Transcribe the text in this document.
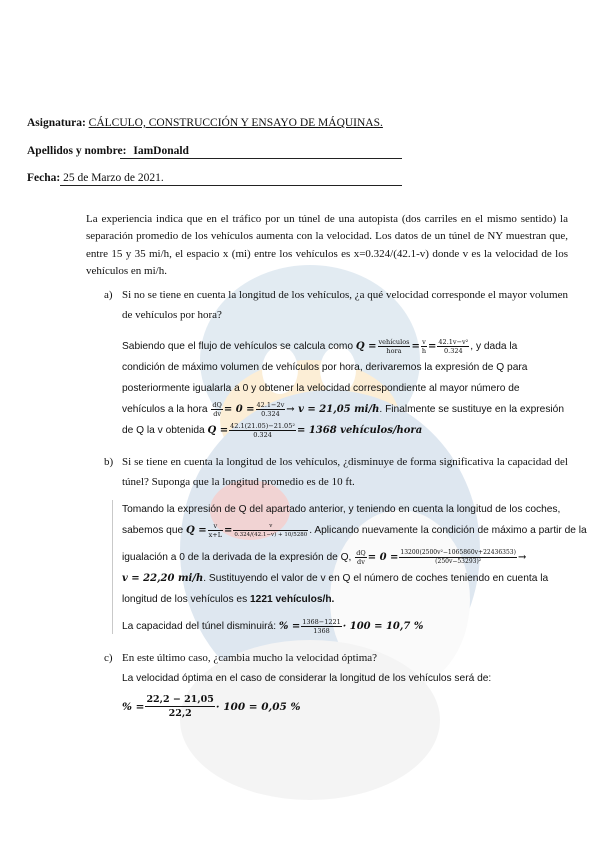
Asignatura: CÁLCULO, CONSTRUCCIÓN Y ENSAYO DE MÁQUINAS.
Apellidos y nombre: IamDonald
Fecha: 25 de Marzo de 2021.
La experiencia indica que en el tráfico por un túnel de una autopista (dos carriles en el mismo sentido) la separación promedio de los vehículos aumenta con la velocidad. Los datos de un túnel de NY muestran que, entre 15 y 35 mi/h, el espacio x (mi) entre los vehículos es x=0.324/(42.1-v) donde v es la velocidad de los vehículos en mi/h.
a) Si no se tiene en cuenta la longitud de los vehículos, ¿a qué velocidad corresponde el mayor volumen de vehículos por hora?
Sabiendo que el flujo de vehículos se calcula como $Q = \frac{\text{vehículos}}{\text{hora}} = \frac{v}{h} = \frac{\text{42.1v−v²}}{0.324}$ , y dada la
condición de máximo volumen de vehículos por hora, derivaremos la expresión de Q para
posteriormente igualarla a 0 y obtener la velocidad correspondiente al mayor número de
vehículos a la hora $\frac{dQ}{dv} = 0 = \frac{42.1-2v}{0.324} \to v = 21,05$ mi/h. Finalmente se sustituye en la expresión
de Q la v obtenida $Q = \frac{\text{42.1(21.05)−21.05²}}{0.324} = 1368$ vehículos/hora
b) Si se tiene en cuenta la longitud de los vehículos, ¿disminuye de forma significativa la capacidad del túnel? Suponga que la longitud promedio es de 10 ft.
Tomando la expresión de Q del apartado anterior, y teniendo en cuenta la longitud de los coches,
sabemos que $Q = \frac{v}{x+L} = \frac{v}{0.324/(42.1-v) + 10/5280}$ . Aplicando nuevamente la condición de máximo a partir de la
igualación a 0 de la derivada de la expresión de Q, $\frac{dQ}{dv} = 0 = \frac{\text{13200(2500v²−1065860v+22436353)}}{\text{(250v−53293)²}}$ →
v = 22,20 mi/h. Sustituyendo el valor de v en Q el número de coches teniendo en cuenta la
longitud de los vehículos es 1221 vehículos/h.
La capacidad del túnel disminuirá: % = $\frac{1368-1221}{1368} \cdot 100 = 10,7$ %
c) En este último caso, ¿cambia mucho la velocidad óptima?
La velocidad óptima en el caso de considerar la longitud de los vehículos será de:
% = $\frac{22,2 - 21,05}{22,2} \cdot 100 = 0,05$ %
